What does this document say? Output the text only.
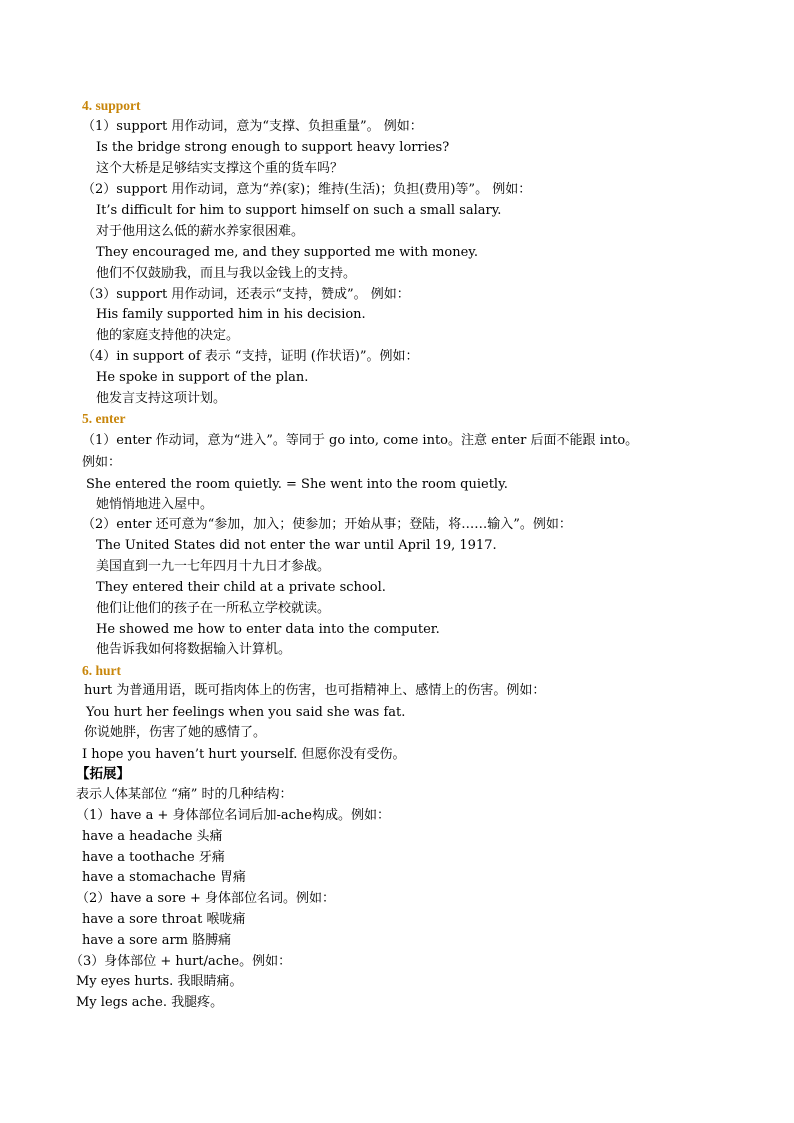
4. support
（1）support 用作动词，意为“支撑、负担重量”。 例如：
Is the bridge strong enough to support heavy lorries?
这个大桥是足够结实支撑这个重的货车吗？
（2）support 用作动词，意为“养(家)；维持(生活)；负担(费用)等”。 例如：
It’s difficult for him to support himself on such a small salary.
对于他用这么低的薪水养家很困难。
They encouraged me, and they supported me with money.
他们不仅鼓励我，而且与我以金钱上的支持。
（3）support 用作动词，还表示“支持，赞成”。 例如：
His family supported him in his decision.
他的家庭支持他的决定。
（4）in support of 表示 “支持，证明 (作状语)”。例如：
He spoke in support of the plan.
他发言支持这项计划。
5. enter
（1）enter 作动词，意为“进入”。等同于 go into, come into。注意 enter 后面不能跟 into。
例如：
She entered the room quietly. = She went into the room quietly.
她悄悄地进入屋中。
（2）enter 还可意为“参加，加入；使参加；开始从事；登陆，将……输入”。例如：
The United States did not enter the war until April 19, 1917.
美国直到一九一七年四月十九日才参战。
They entered their child at a private school.
他们让他们的孩子在一所私立学校就读。
He showed me how to enter data into the computer.
他告诉我如何将数据输入计算机。
6. hurt
hurt 为普通用语，既可指肉体上的伤害，也可指精神上、感情上的伤害。例如：
You hurt her feelings when you said she was fat.
你说她胖，伤害了她的感情了。
I hope you haven’t hurt yourself. 但愿你没有受伤。
【拓展】
表示人体某部位 “痛” 时的几种结构：
（1）have a + 身体部位名词后加-ache构成。例如：
have a headache 头痛
have a toothache 牙痛
have a stomachache 胃痛
（2）have a sore + 身体部位名词。例如：
have a sore throat 喉咙痛
have a sore arm 胳膊痛
（3）身体部位 + hurt/ache。例如：
My eyes hurts. 我眼睛痛。
My legs ache. 我腿疼。
